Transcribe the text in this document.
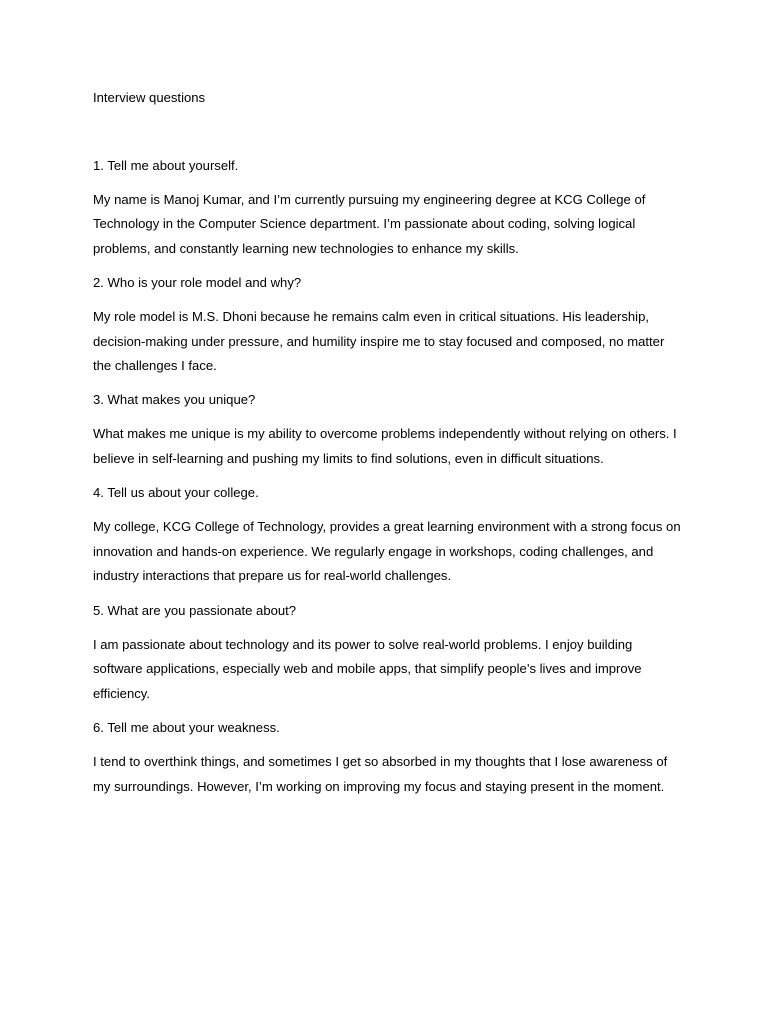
Interview questions

1. Tell me about yourself.

My name is Manoj Kumar, and I’m currently pursuing my engineering degree at KCG College of Technology in the Computer Science department. I’m passionate about coding, solving logical problems, and constantly learning new technologies to enhance my skills.

2. Who is your role model and why?

My role model is M.S. Dhoni because he remains calm even in critical situations. His leadership, decision-making under pressure, and humility inspire me to stay focused and composed, no matter the challenges I face.

3. What makes you unique?

What makes me unique is my ability to overcome problems independently without relying on others. I believe in self-learning and pushing my limits to find solutions, even in difficult situations.

4. Tell us about your college.

My college, KCG College of Technology, provides a great learning environment with a strong focus on innovation and hands-on experience. We regularly engage in workshops, coding challenges, and industry interactions that prepare us for real-world challenges.

5. What are you passionate about?

I am passionate about technology and its power to solve real-world problems. I enjoy building software applications, especially web and mobile apps, that simplify people’s lives and improve efficiency.

6. Tell me about your weakness.

I tend to overthink things, and sometimes I get so absorbed in my thoughts that I lose awareness of my surroundings. However, I’m working on improving my focus and staying present in the moment.
